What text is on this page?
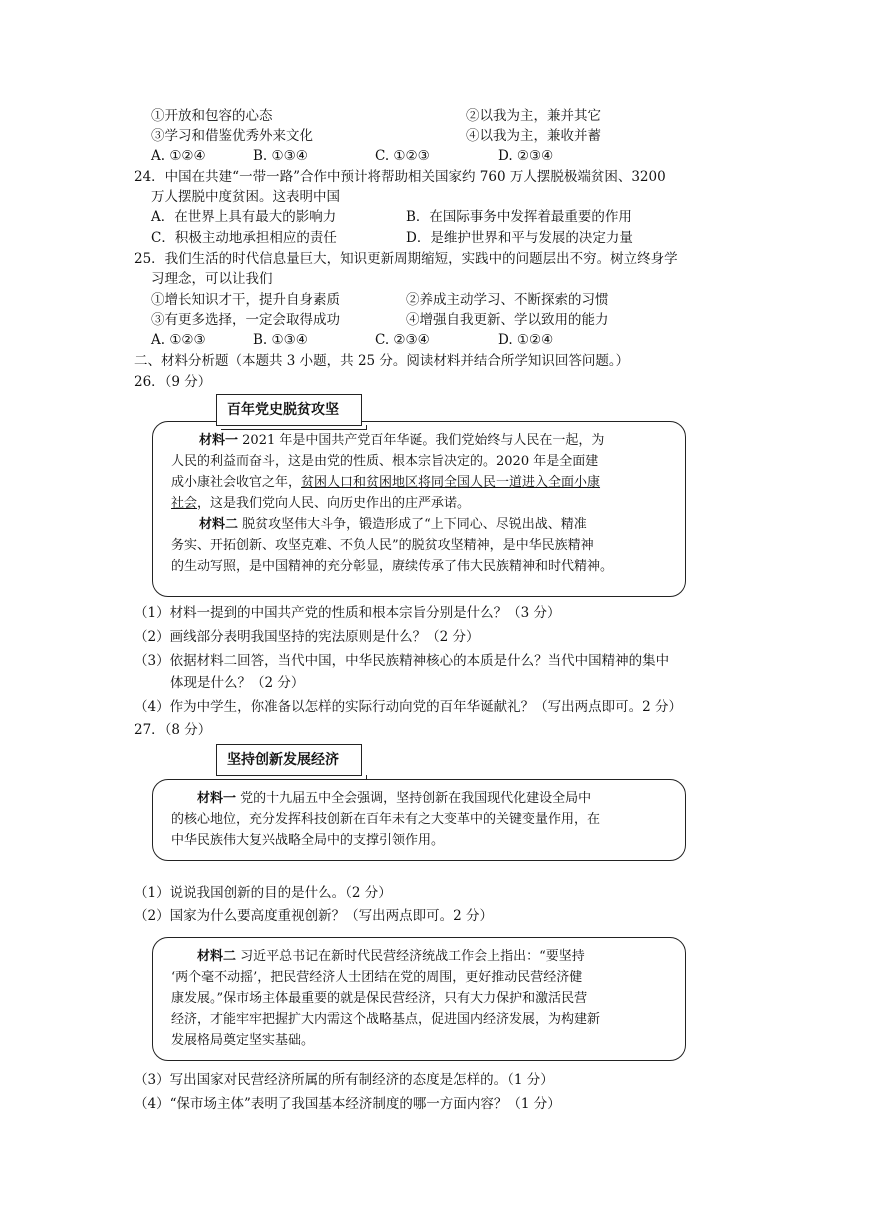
①开放和包容的心态	②以我为主，兼并其它
③学习和借鉴优秀外来文化	④以我为主，兼收并蓄
A. ①②④	B. ①③④	C. ①②③	D. ②③④
24．中国在共建“一带一路”合作中预计将帮助相关国家约 760 万人摆脱极端贫困、3200
万人摆脱中度贫困。这表明中国
A．在世界上具有最大的影响力	B．在国际事务中发挥着最重要的作用
C．积极主动地承担相应的责任	D．是维护世界和平与发展的决定力量
25．我们生活的时代信息量巨大，知识更新周期缩短，实践中的问题层出不穷。树立终身学
习理念，可以让我们
①增长知识才干，提升自身素质	②养成主动学习、不断探索的习惯
③有更多选择，一定会取得成功	④增强自我更新、学以致用的能力
A. ①②③	B. ①③④	C. ②③④	D. ①②④
二、材料分析题（本题共 3 小题，共 25 分。阅读材料并结合所学知识回答问题。）
26．（9 分）

材料一 2021 年是中国共产党百年华诞。我们党始终与人民在一起，为

人民的利益而奋斗，这是由党的性质、根本宗旨决定的。2020 年是全面建

成小康社会收官之年，贫困人口和贫困地区将同全国人民一道进入全面小康

社会，这是我们党向人民、向历史作出的庄严承诺。

材料二 脱贫攻坚伟大斗争，锻造形成了“上下同心、尽锐出战、精准

务实、开拓创新、攻坚克难、不负人民”的脱贫攻坚精神，是中华民族精神

的生动写照，是中国精神的充分彰显，赓续传承了伟大民族精神和时代精神。

百年党史脱贫攻坚
（1）材料一提到的中国共产党的性质和根本宗旨分别是什么？（3 分）
（2）画线部分表明我国坚持的宪法原则是什么？（2 分）
（3）依据材料二回答，当代中国，中华民族精神核心的本质是什么？当代中国精神的集中
体现是什么？（2 分）
（4）作为中学生，你准备以怎样的实际行动向党的百年华诞献礼？（写出两点即可。2 分）
27．（8 分）

材料一 党的十九届五中全会强调，坚持创新在我国现代化建设全局中

的核心地位，充分发挥科技创新在百年未有之大变革中的关键变量作用，在

中华民族伟大复兴战略全局中的支撑引领作用。

坚持创新发展经济
（1）说说我国创新的目的是什么。（2 分）
（2）国家为什么要高度重视创新？（写出两点即可。2 分）

材料二 习近平总书记在新时代民营经济统战工作会上指出：“要坚持

‘两个毫不动摇’，把民营经济人士团结在党的周围，更好推动民营经济健

康发展。”保市场主体最重要的就是保民营经济，只有大力保护和激活民营

经济，才能牢牢把握扩大内需这个战略基点，促进国内经济发展，为构建新

发展格局奠定坚实基础。

（3）写出国家对民营经济所属的所有制经济的态度是怎样的。（1 分）
（4）“保市场主体”表明了我国基本经济制度的哪一方面内容？（1 分）
